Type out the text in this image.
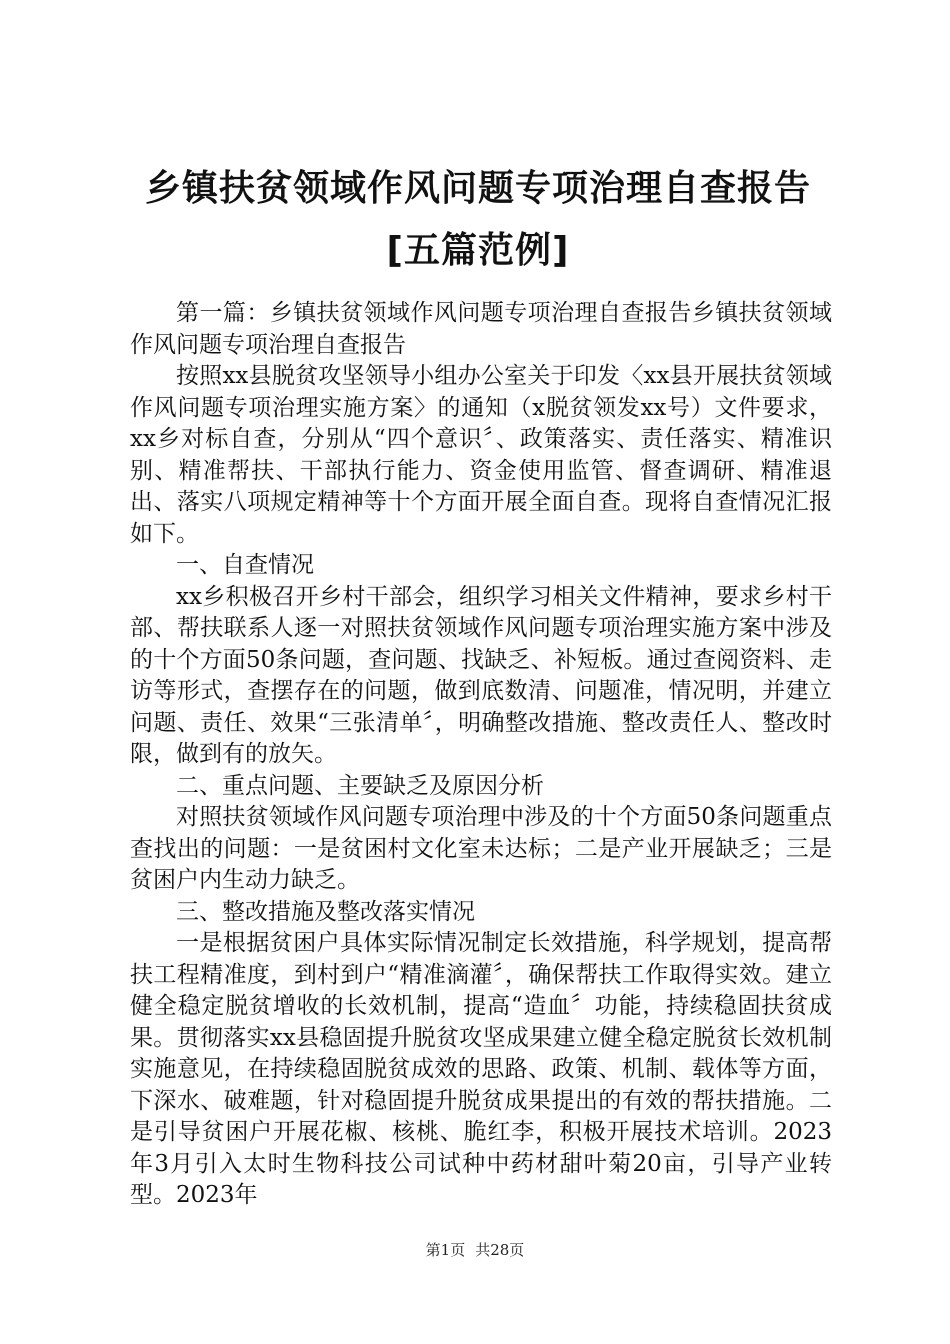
乡镇扶贫领域作风问题专项治理自查报告[五篇范例]

第一篇：乡镇扶贫领域作风问题专项治理自查报告乡镇扶贫领域作风问题专项治理自查报告

按照xx县脱贫攻坚领导小组办公室关于印发〈xx县开展扶贫领域作风问题专项治理实施方案〉的通知（x脱贫领发xx号）文件要求，xx乡对标自查，分别从“四个意识〞、政策落实、责任落实、精准识别、精准帮扶、干部执行能力、资金使用监管、督查调研、精准退出、落实八项规定精神等十个方面开展全面自查。现将自查情况汇报如下。

一、自查情况

xx乡积极召开乡村干部会，组织学习相关文件精神，要求乡村干部、帮扶联系人逐一对照扶贫领域作风问题专项治理实施方案中涉及的十个方面50条问题，查问题、找缺乏、补短板。通过查阅资料、走访等形式，查摆存在的问题，做到底数清、问题准，情况明，并建立问题、责任、效果“三张清单〞，明确整改措施、整改责任人、整改时限，做到有的放矢。

二、重点问题、主要缺乏及原因分析

对照扶贫领域作风问题专项治理中涉及的十个方面50条问题重点查找出的问题：一是贫困村文化室未达标；二是产业开展缺乏；三是贫困户内生动力缺乏。

三、整改措施及整改落实情况

一是根据贫困户具体实际情况制定长效措施，科学规划，提高帮扶工程精准度，到村到户“精准滴灌〞，确保帮扶工作取得实效。建立健全稳定脱贫增收的长效机制，提高“造血〞功能，持续稳固扶贫成果。贯彻落实xx县稳固提升脱贫攻坚成果建立健全稳定脱贫长效机制实施意见，在持续稳固脱贫成效的思路、政策、机制、载体等方面，下深水、破难题，针对稳固提升脱贫成果提出的有效的帮扶措施。二是引导贫困户开展花椒、核桃、脆红李，积极开展技术培训。2023年3月引入太时生物科技公司试种中药材甜叶菊20亩，引导产业转型。2023年

第1页 共28页
